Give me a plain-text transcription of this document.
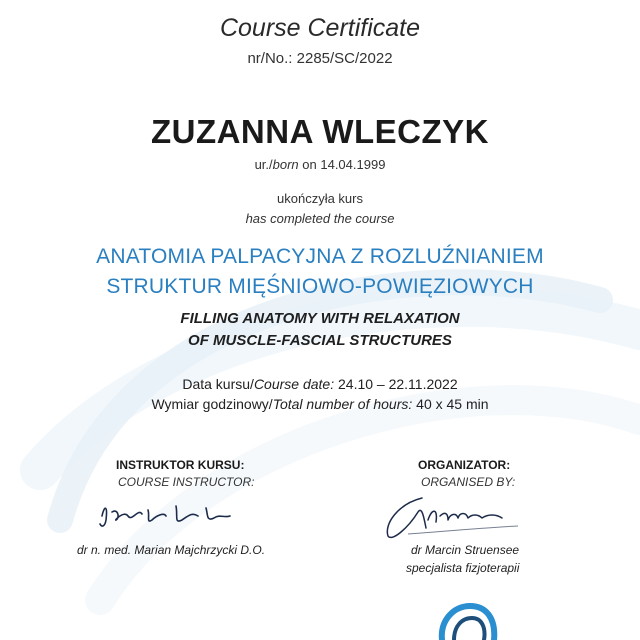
Course Certificate
nr/No.: 2285/SC/2022
ZUZANNA WLECZYK
ur./born on 14.04.1999
ukończyła kurs
has completed the course
ANATOMIA PALPACYJNA Z ROZLUŹNIANIEM
STRUKTUR MIĘŚNIOWO-POWIĘZIOWYCH
FILLING ANATOMY WITH RELAXATION
OF MUSCLE-FASCIAL STRUCTURES
Data kursu/Course date: 24.10 – 22.11.2022
Wymiar godzinowy/Total number of hours: 40 x 45 min
INSTRUKTOR KURSU:
COURSE INSTRUCTOR:
ORGANIZATOR:
ORGANISED BY:
dr n. med. Marian Majchrzycki D.O.	dr Marcin Struensee
specjalista fizjoterapii
